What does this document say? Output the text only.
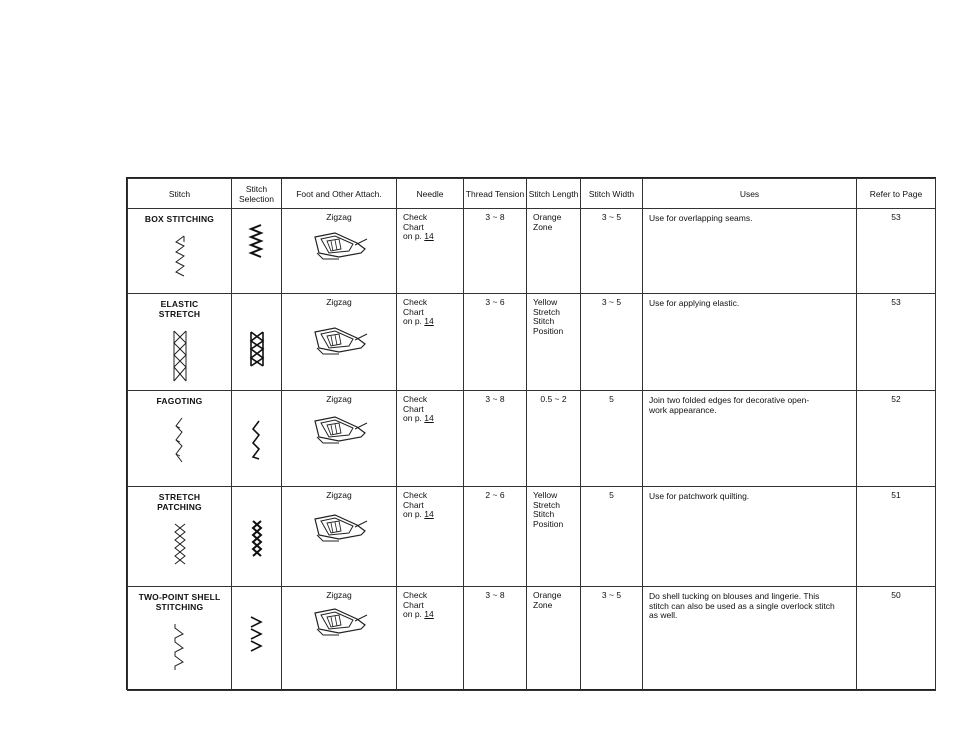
Stitch	Stitch Selection	Foot and Other Attach.	Needle	Thread Tension	Stitch Length	Stitch Width	Uses	Refer to Page

BOX STITCHING		Zigzag	Check
Chart
on p. 14	3 ~ 8	Orange Zone	3 ~ 5	Use for overlapping seams.	53

ELASTIC STRETCH		Zigzag	Check
Chart
on p. 14	3 ~ 6	Yellow Stretch Stitch Position	3 ~ 5	Use for applying elastic.	53

FAGOTING		Zigzag	Check
Chart
on p. 14	3 ~ 8	0.5 ~ 2	5	Join two folded edges for decorative open-work appearance.	52

STRETCH PATCHING		Zigzag	Check
Chart
on p. 14	2 ~ 6	Yellow Stretch Stitch Position	5	Use for patchwork quilting.	51

TWO-POINT SHELL STITCHING		Zigzag	Check
Chart
on p. 14	3 ~ 8	Orange Zone	3 ~ 5	Do shell tucking on blouses and lingerie. This stitch can also be used as a single overlock stitch as well.	50
